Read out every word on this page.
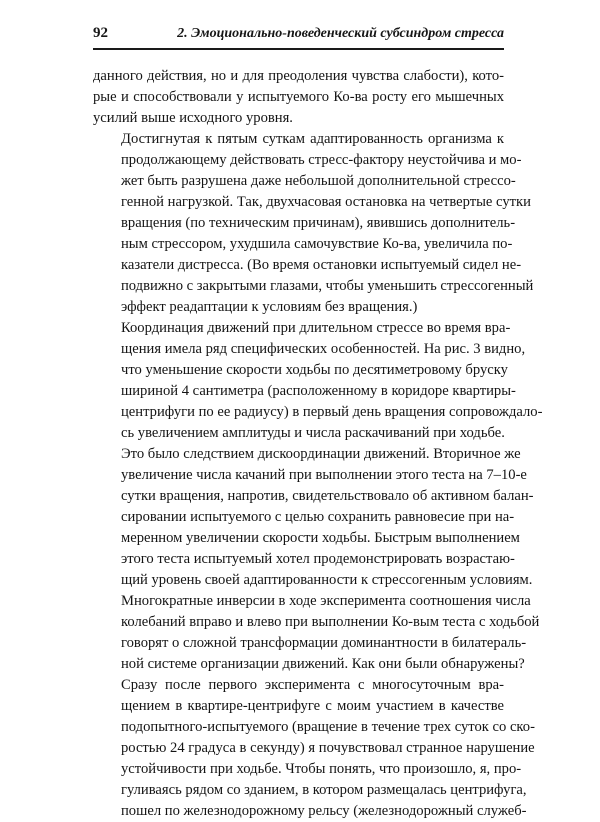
92	2. Эмоционально-поведенческий субсиндром стресса

данного действия, но и для преодоления чувства слабости), кото-
рые и способствовали у испытуемого Ко-ва росту его мышечных
усилий выше исходного уровня.

Достигнутая к пятым суткам адаптированность организма к
продолжающему действовать стресс-фактору неустойчива и мо-
жет быть разрушена даже небольшой дополнительной стрессо-
генной нагрузкой. Так, двухчасовая остановка на четвертые сутки
вращения (по техническим причинам), явившись дополнитель-
ным стрессором, ухудшила самочувствие Ко-ва, увеличила по-
казатели дистресса. (Во время остановки испытуемый сидел не-
подвижно с закрытыми глазами, чтобы уменьшить стрессогенный
эффект реадаптации к условиям без вращения.)

Координация движений при длительном стрессе во время вра-
щения имела ряд специфических особенностей. На рис. 3 видно,
что уменьшение скорости ходьбы по десятиметровому бруску
шириной 4 сантиметра (расположенному в коридоре квартиры-
центрифуги по ее радиусу) в первый день вращения сопровождало-
сь увеличением амплитуды и числа раскачиваний при ходьбе.
Это было следствием дискоординации движений. Вторичное же
увеличение числа качаний при выполнении этого теста на 7–10-е
сутки вращения, напротив, свидетельствовало об активном балан-
сировании испытуемого с целью сохранить равновесие при на-
меренном увеличении скорости ходьбы. Быстрым выполнением
этого теста испытуемый хотел продемонстрировать возрастаю-
щий уровень своей адаптированности к стрессогенным условиям.
Многократные инверсии в ходе эксперимента соотношения числа
колебаний вправо и влево при выполнении Ко-вым теста с ходьбой
говорят о сложной трансформации доминантности в билатераль-
ной системе организации движений. Как они были обнаружены?

Сразу после первого эксперимента с многосуточным вра-
щением в квартире-центрифуге с моим участием в качестве
подопытного-испытуемого (вращение в течение трех суток со ско-
ростью 24 градуса в секунду) я почувствовал странное нарушение
устойчивости при ходьбе. Чтобы понять, что произошло, я, про-
гуливаясь рядом со зданием, в котором размещалась центрифуга,
пошел по железнодорожному рельсу (железнодорожный служеб-
